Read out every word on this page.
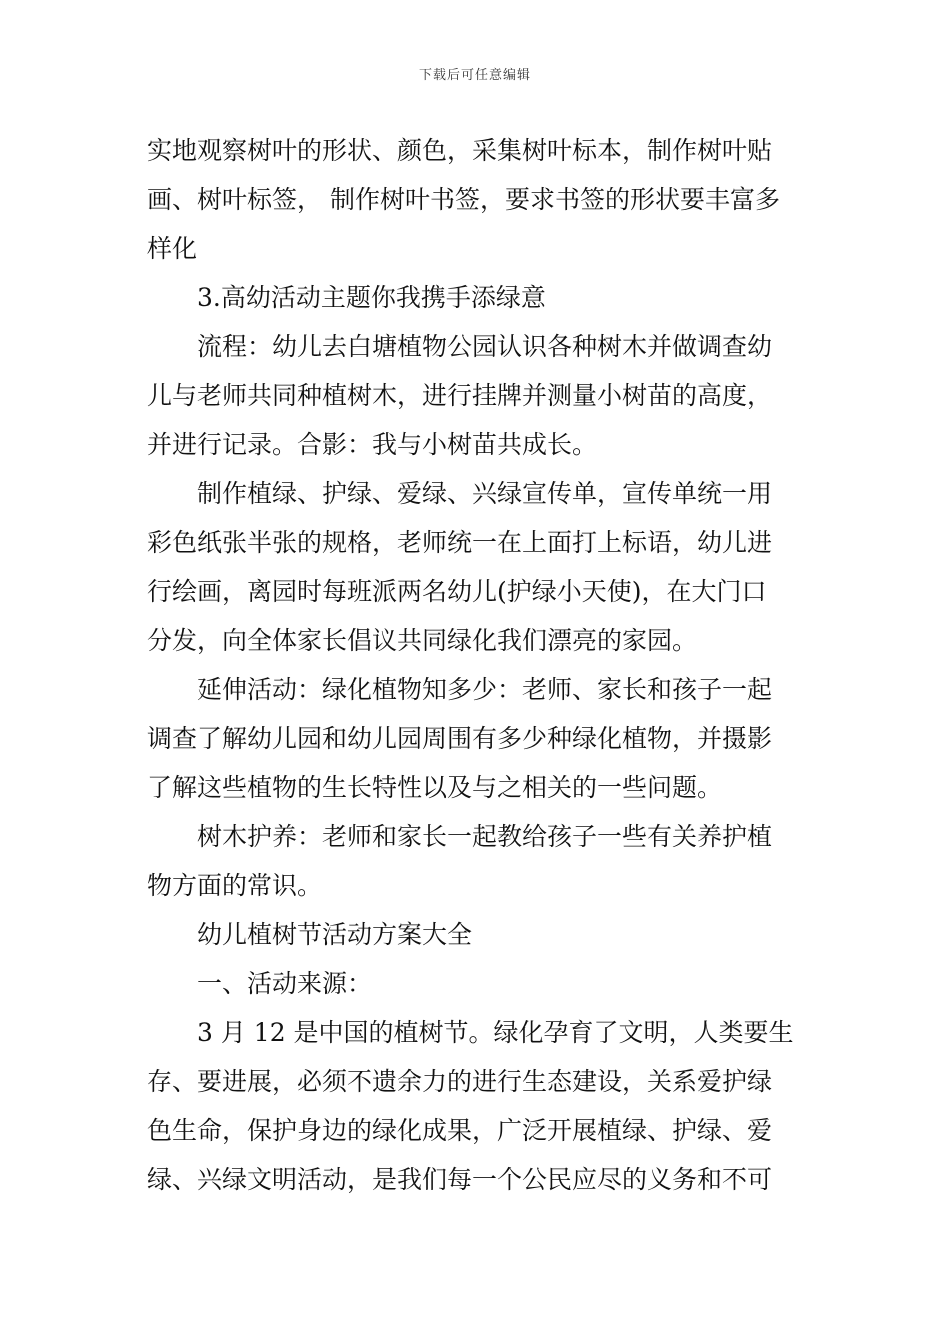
下载后可任意编辑
实地观察树叶的形状、颜色，采集树叶标本，制作树叶贴
画、树叶标签， 制作树叶书签，要求书签的形状要丰富多
样化
3.高幼活动主题你我携手添绿意
流程：幼儿去白塘植物公园认识各种树木并做调查幼
儿与老师共同种植树木，进行挂牌并测量小树苗的高度，
并进行记录。合影：我与小树苗共成长。
制作植绿、护绿、爱绿、兴绿宣传单，宣传单统一用
彩色纸张半张的规格，老师统一在上面打上标语，幼儿进
行绘画，离园时每班派两名幼儿(护绿小天使)，在大门口
分发，向全体家长倡议共同绿化我们漂亮的家园。
延伸活动：绿化植物知多少：老师、家长和孩子一起
调查了解幼儿园和幼儿园周围有多少种绿化植物，并摄影
了解这些植物的生长特性以及与之相关的一些问题。
树木护养：老师和家长一起教给孩子一些有关养护植
物方面的常识。
幼儿植树节活动方案大全
一、活动来源：
3 月 12 是中国的植树节。绿化孕育了文明，人类要生
存、要进展，必须不遗余力的进行生态建设，关系爱护绿
色生命，保护身边的绿化成果，广泛开展植绿、护绿、爱
绿、兴绿文明活动，是我们每一个公民应尽的义务和不可
